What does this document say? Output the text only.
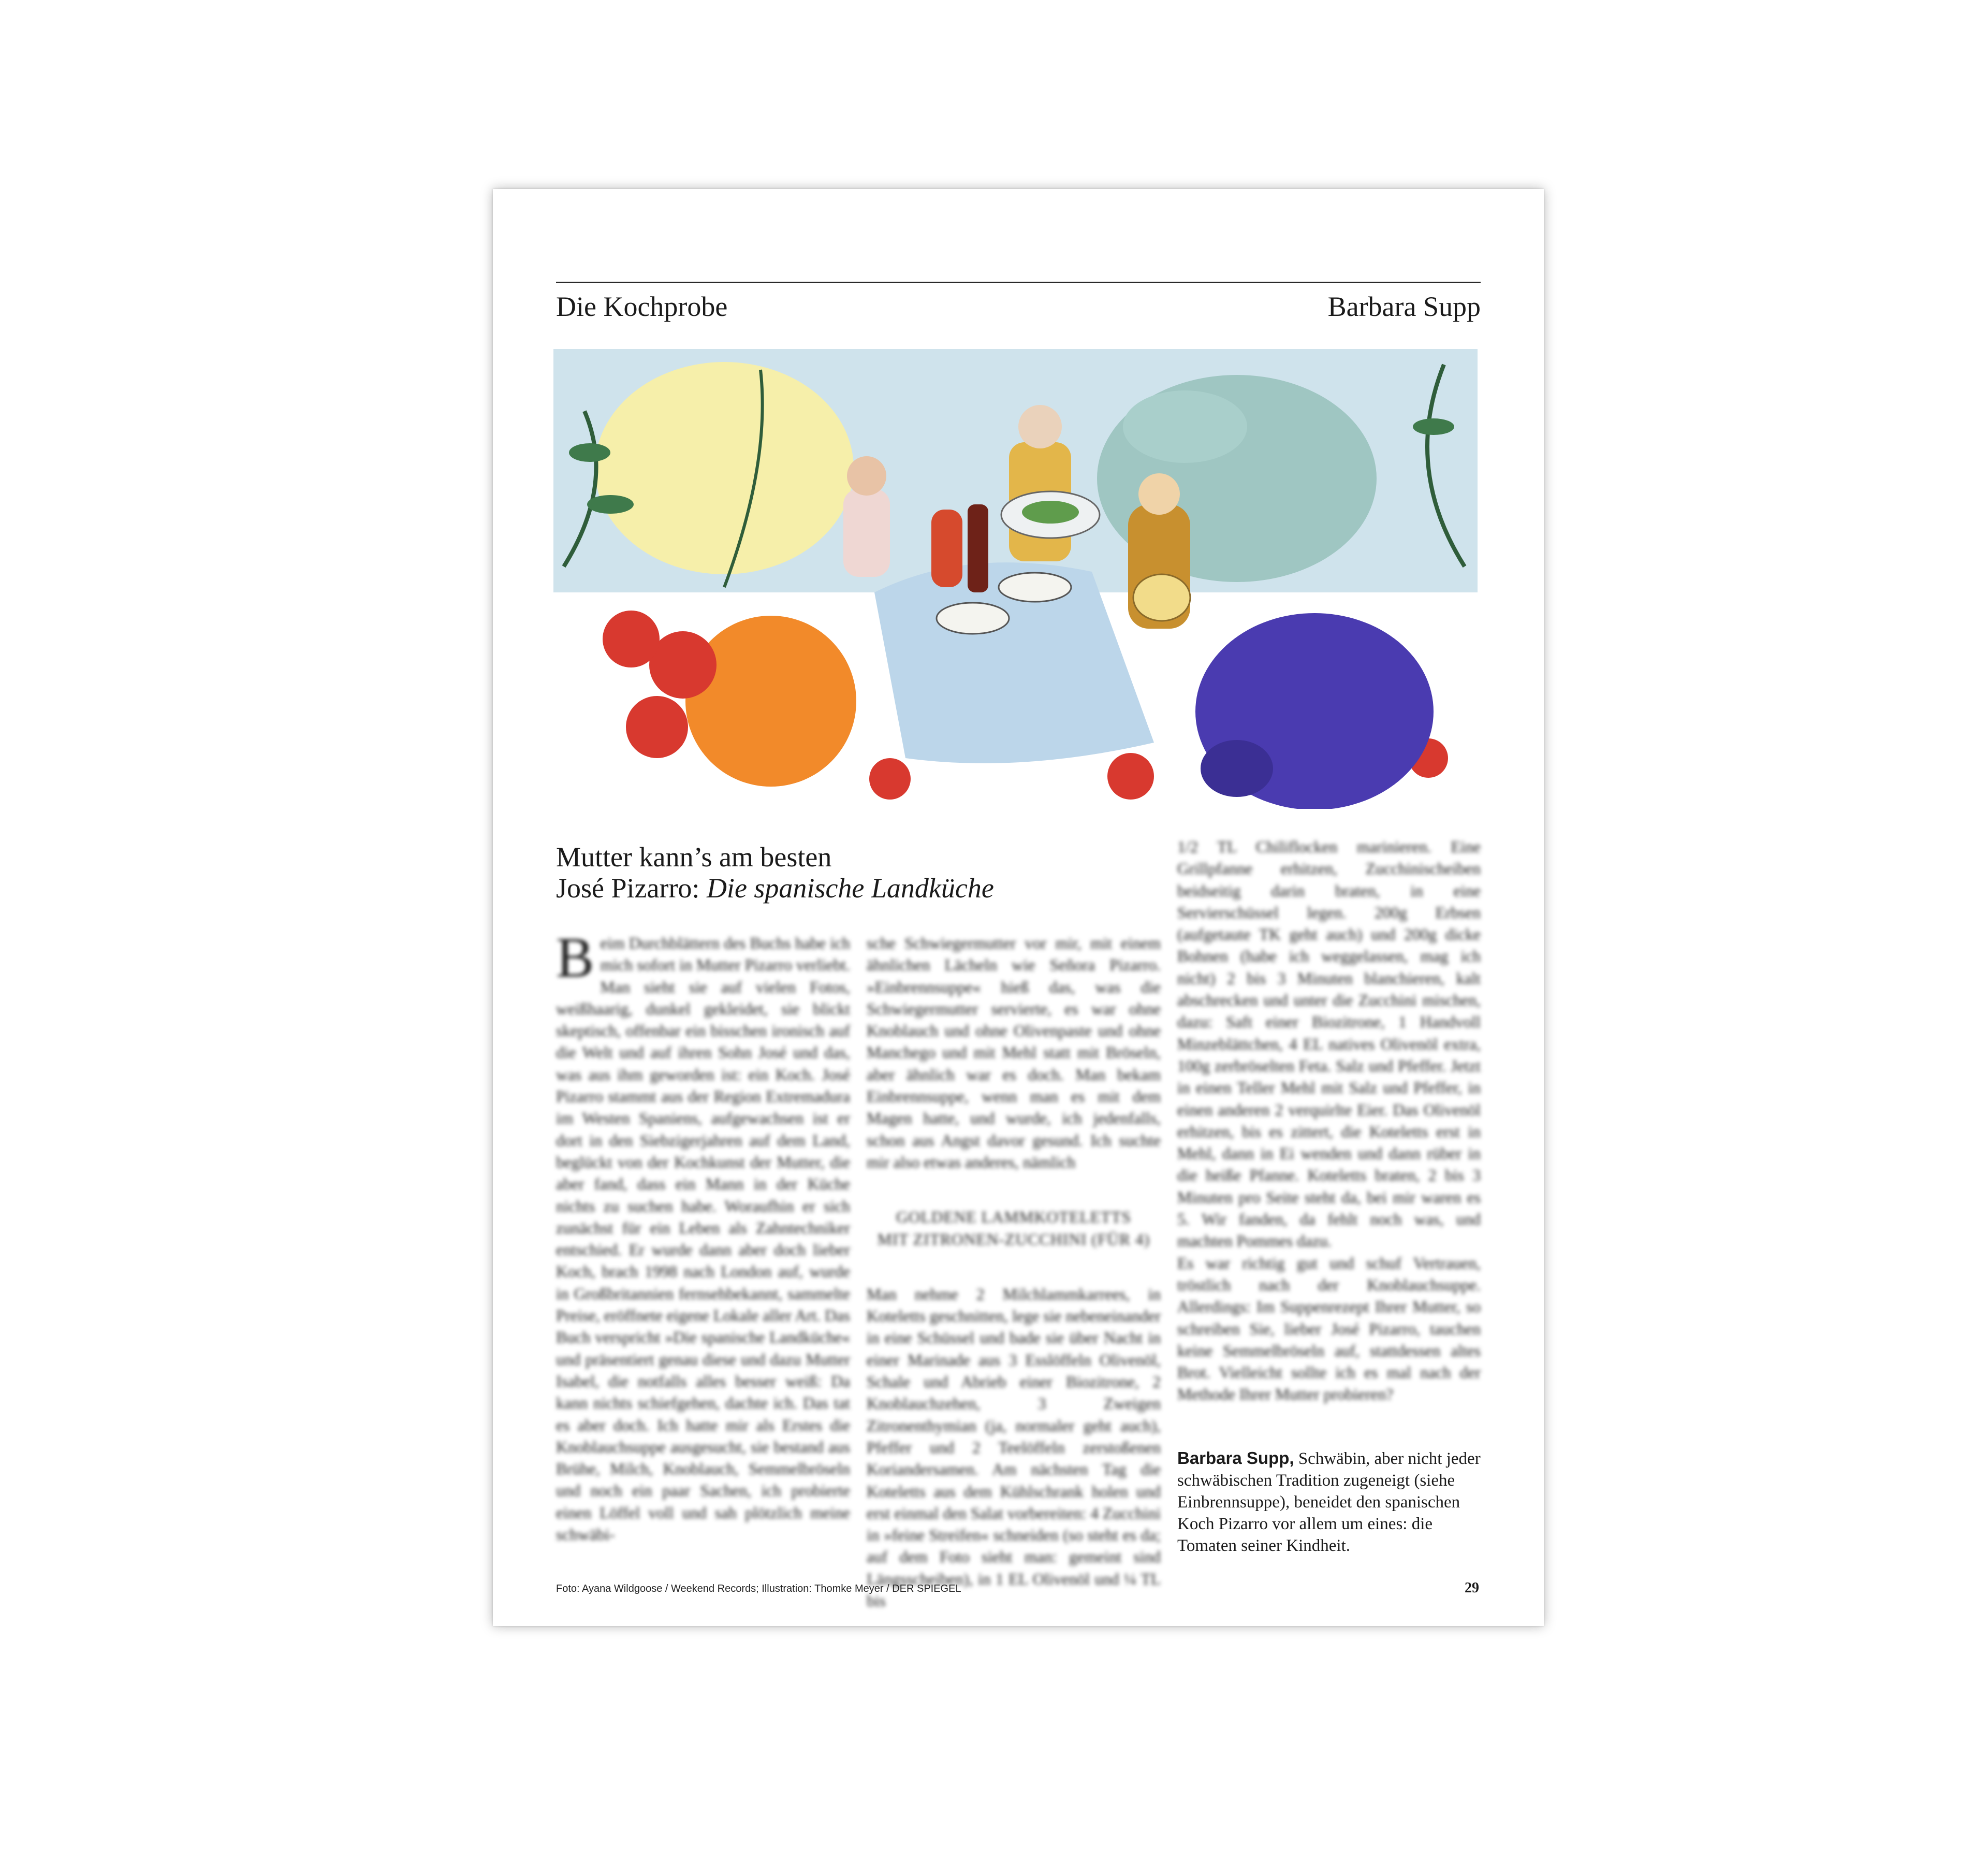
Die Kochprobe	Barbara Supp
Mutter kann’s am besten
José Pizarro: Die spanische Landküche
B eim Durchblättern des Buchs habe ich mich sofort in Mutter Pizarro verliebt. Man sieht sie auf vielen Fotos, weißhaarig, dunkel gekleidet, sie blickt skeptisch, offenbar ein bisschen ironisch auf die Welt und auf ihren Sohn José und das, was aus ihm geworden ist: ein Koch. José Pizarro stammt aus der Region Extremadura im Westen Spaniens, aufgewachsen ist er dort in den Siebzigerjahren auf dem Land, beglückt von der Kochkunst der Mutter, die aber fand, dass ein Mann in der Küche nichts zu suchen habe. Woraufhin er sich zunächst für ein Leben als Zahntechniker entschied. Er wurde dann aber doch lieber Koch, brach 1998 nach London auf, wurde in Großbritannien fernsehbekannt, sammelte Preise, eröffnete eigene Lokale aller Art. Das Buch verspricht »Die spanische Landküche« und präsentiert genau diese und dazu Mutter Isabel, die notfalls alles besser weiß: Da kann nichts schiefgehen, dachte ich. Das tat es aber doch. Ich hatte mir als Erstes die Knoblauchsuppe ausgesucht, sie bestand aus Brühe, Milch, Knoblauch, Semmelbröseln und noch ein paar Sachen, ich probierte einen Löffel voll und sah plötzlich meine schwäbi-

sche Schwiegermutter vor mir, mit einem ähnlichen Lächeln wie Señora Pizarro. »Einbrennsuppe« hieß das, was die Schwiegermutter servierte, es war ohne Knoblauch und ohne Olivenpaste und ohne Manchego und mit Mehl statt mit Bröseln, aber ähnlich war es doch. Man bekam Einbrennsuppe, wenn man es mit dem Magen hatte, und wurde, ich jedenfalls, schon aus Angst davor gesund. Ich suchte mir also etwas anderes, nämlich

GOLDENE LAMMKOTELETTS
MIT ZITRONEN-ZUCCHINI (FÜR 4)

Man nehme 2 Milchlammkarrees, in Koteletts geschnitten, lege sie nebeneinander in eine Schüssel und bade sie über Nacht in einer Marinade aus 3 Esslöffeln Olivenöl, Schale und Abrieb einer Biozitrone, 2 Knoblauchzehen, 3 Zweigen Zitronenthymian (ja, normaler geht auch), Pfeffer und 2 Teelöffeln zerstoßenen Koriandersamen. Am nächsten Tag die Koteletts aus dem Kühlschrank holen und erst einmal den Salat vorbereiten: 4 Zucchini in »feine Streifen« schneiden (so steht es da; auf dem Foto sieht man: gemeint sind Längsscheiben), in 1 EL Olivenöl und ¼ TL bis

1/2 TL Chiliflocken marinieren. Eine Grillpfanne erhitzen, Zucchinischeiben beidseitig darin braten, in eine Servierschüssel legen. 200g Erbsen (aufgetaute TK geht auch) und 200g dicke Bohnen (habe ich weggelassen, mag ich nicht) 2 bis 3 Minuten blanchieren, kalt abschrecken und unter die Zucchini mischen, dazu: Saft einer Biozitrone, 1 Handvoll Minzeblättchen, 4 EL natives Olivenöl extra, 100g zerbröselten Feta. Salz und Pfeffer. Jetzt in einen Teller Mehl mit Salz und Pfeffer, in einen anderen 2 verquirlte Eier. Das Olivenöl erhitzen, bis es zittert, die Koteletts erst in Mehl, dann in Ei wenden und dann rüber in die heiße Pfanne. Koteletts braten, 2 bis 3 Minuten pro Seite steht da, bei mir waren es 5. Wir fanden, da fehlt noch was, und machten Pommes dazu.

Es war richtig gut und schuf Vertrauen, tröstlich nach der Knoblauchsuppe. Allerdings: Im Suppenrezept Ihrer Mutter, so schreiben Sie, lieber José Pizarro, tauchen keine Semmelbröseln auf, stattdessen altes Brot. Vielleicht sollte ich es mal nach der Methode Ihrer Mutter probieren?

Barbara Supp, Schwäbin, aber nicht jeder schwäbischen Tradition zugeneigt (siehe Einbrennsuppe), beneidet den spanischen Koch Pizarro vor allem um eines: die Tomaten seiner Kindheit.
Foto: Ayana Wildgoose / Weekend Records; Illustration: Thomke Meyer / DER SPIEGEL	29
